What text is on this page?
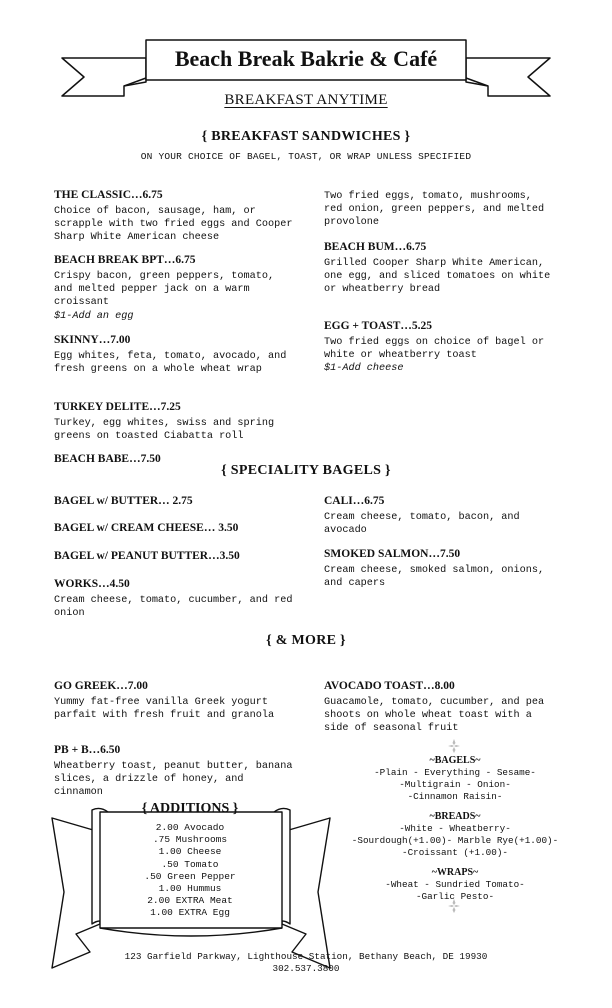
Beach Break Bakrie & Café
BREAKFAST ANYTIME
{ BREAKFAST SANDWICHES }
ON YOUR CHOICE OF BAGEL, TOAST, OR WRAP UNLESS SPECIFIED
THE CLASSIC…6.75
Choice of bacon, sausage, ham, or scrapple with two fried eggs and Cooper Sharp White American cheese
BEACH BREAK BPT…6.75
Crispy bacon, green peppers, tomato, and melted pepper jack on a warm croissant
$1-Add an egg
SKINNY…7.00
Egg whites, feta, tomato, avocado, and fresh greens on a whole wheat wrap
TURKEY DELITE…7.25
Turkey, egg whites, swiss and spring greens on toasted Ciabatta roll
BEACH BABE…7.50
Two fried eggs, tomato, mushrooms, red onion, green peppers, and melted provolone
BEACH BUM…6.75
Grilled Cooper Sharp White American, one egg, and sliced tomatoes on white or wheatberry bread
EGG + TOAST…5.25
Two fried eggs on choice of bagel or white or wheatberry toast
$1-Add cheese
{ SPECIALITY BAGELS }
BAGEL w/ BUTTER… 2.75
BAGEL w/ CREAM CHEESE… 3.50
BAGEL w/ PEANUT BUTTER…3.50
WORKS…4.50
Cream cheese, tomato, cucumber, and red onion
CALI…6.75
Cream cheese, tomato, bacon, and avocado
SMOKED SALMON…7.50
Cream cheese, smoked salmon, onions, and capers
{ & MORE }
GO GREEK…7.00
Yummy fat-free vanilla Greek yogurt parfait with fresh fruit and granola
PB + B…6.50
Wheatberry toast, peanut butter, banana slices, a drizzle of honey, and cinnamon
AVOCADO TOAST…8.00
Guacamole, tomato, cucumber, and pea shoots on whole wheat toast with a side of seasonal fruit
~BAGELS~
-Plain - Everything - Sesame-
-Multigrain - Onion-
-Cinnamon Raisin-
~BREADS~
-White - Wheatberry-
-Sourdough(+1.00)- Marble Rye(+1.00)-
-Croissant (+1.00)-
~WRAPS~
-Wheat - Sundried Tomato-
-Garlic Pesto-
{ ADDITIONS }
2.00 Avocado
.75 Mushrooms
1.00 Cheese
.50 Tomato
.50 Green Pepper
1.00 Hummus
2.00 EXTRA Meat
1.00 EXTRA Egg
123 Garfield Parkway, Lighthouse Station, Bethany Beach, DE 19930
302.537.3800
